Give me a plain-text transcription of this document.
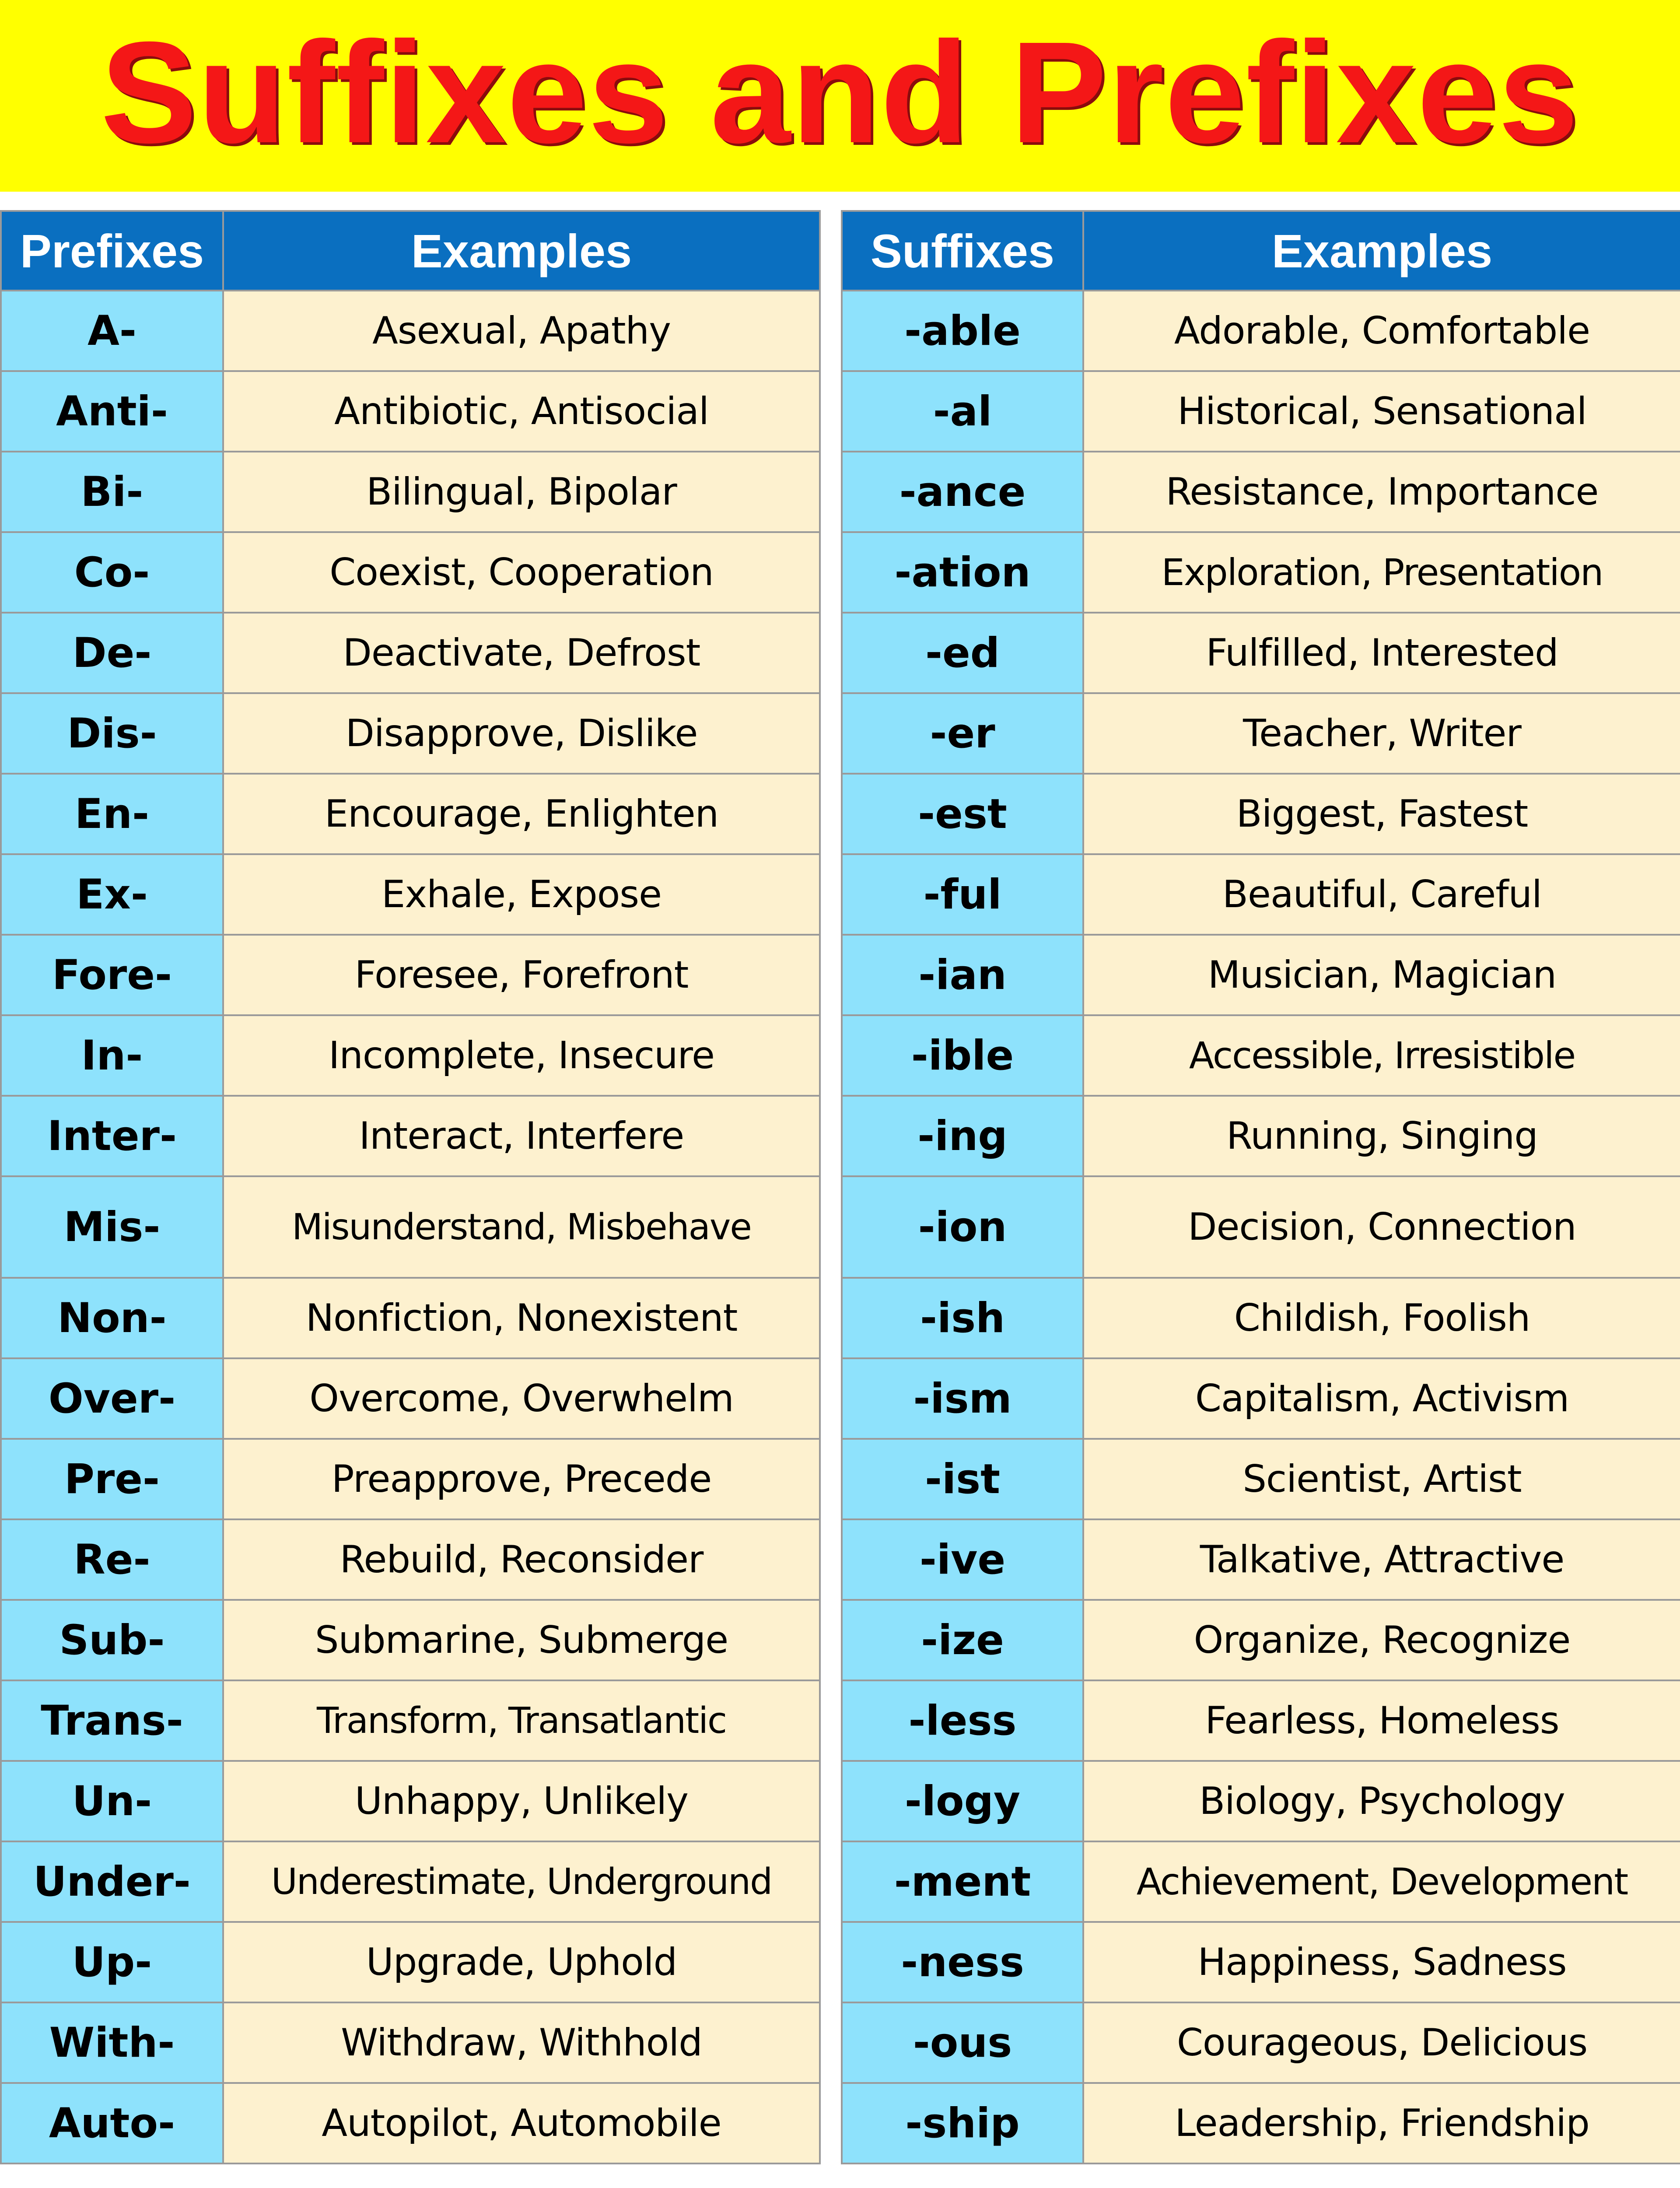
Suffixes and Prefixes
Prefixes	Examples
A-	Asexual, Apathy
Anti-	Antibiotic, Antisocial
Bi-	Bilingual, Bipolar
Co-	Coexist, Cooperation
De-	Deactivate, Defrost
Dis-	Disapprove, Dislike
En-	Encourage, Enlighten
Ex-	Exhale, Expose
Fore-	Foresee, Forefront
In-	Incomplete, Insecure
Inter-	Interact, Interfere
Mis-	Misunderstand, Misbehave
Non-	Nonfiction, Nonexistent
Over-	Overcome, Overwhelm
Pre-	Preapprove, Precede
Re-	Rebuild, Reconsider
Sub-	Submarine, Submerge
Trans-	Transform, Transatlantic
Un-	Unhappy, Unlikely
Under-	Underestimate, Underground
Up-	Upgrade, Uphold
With-	Withdraw, Withhold
Auto-	Autopilot, Automobile
Suffixes	Examples
-able	Adorable, Comfortable
-al	Historical, Sensational
-ance	Resistance, Importance
-ation	Exploration, Presentation
-ed	Fulfilled, Interested
-er	Teacher, Writer
-est	Biggest, Fastest
-ful	Beautiful, Careful
-ian	Musician, Magician
-ible	Accessible, Irresistible
-ing	Running, Singing
-ion	Decision, Connection
-ish	Childish, Foolish
-ism	Capitalism, Activism
-ist	Scientist, Artist
-ive	Talkative, Attractive
-ize	Organize, Recognize
-less	Fearless, Homeless
-logy	Biology, Psychology
-ment	Achievement, Development
-ness	Happiness, Sadness
-ous	Courageous, Delicious
-ship	Leadership, Friendship
